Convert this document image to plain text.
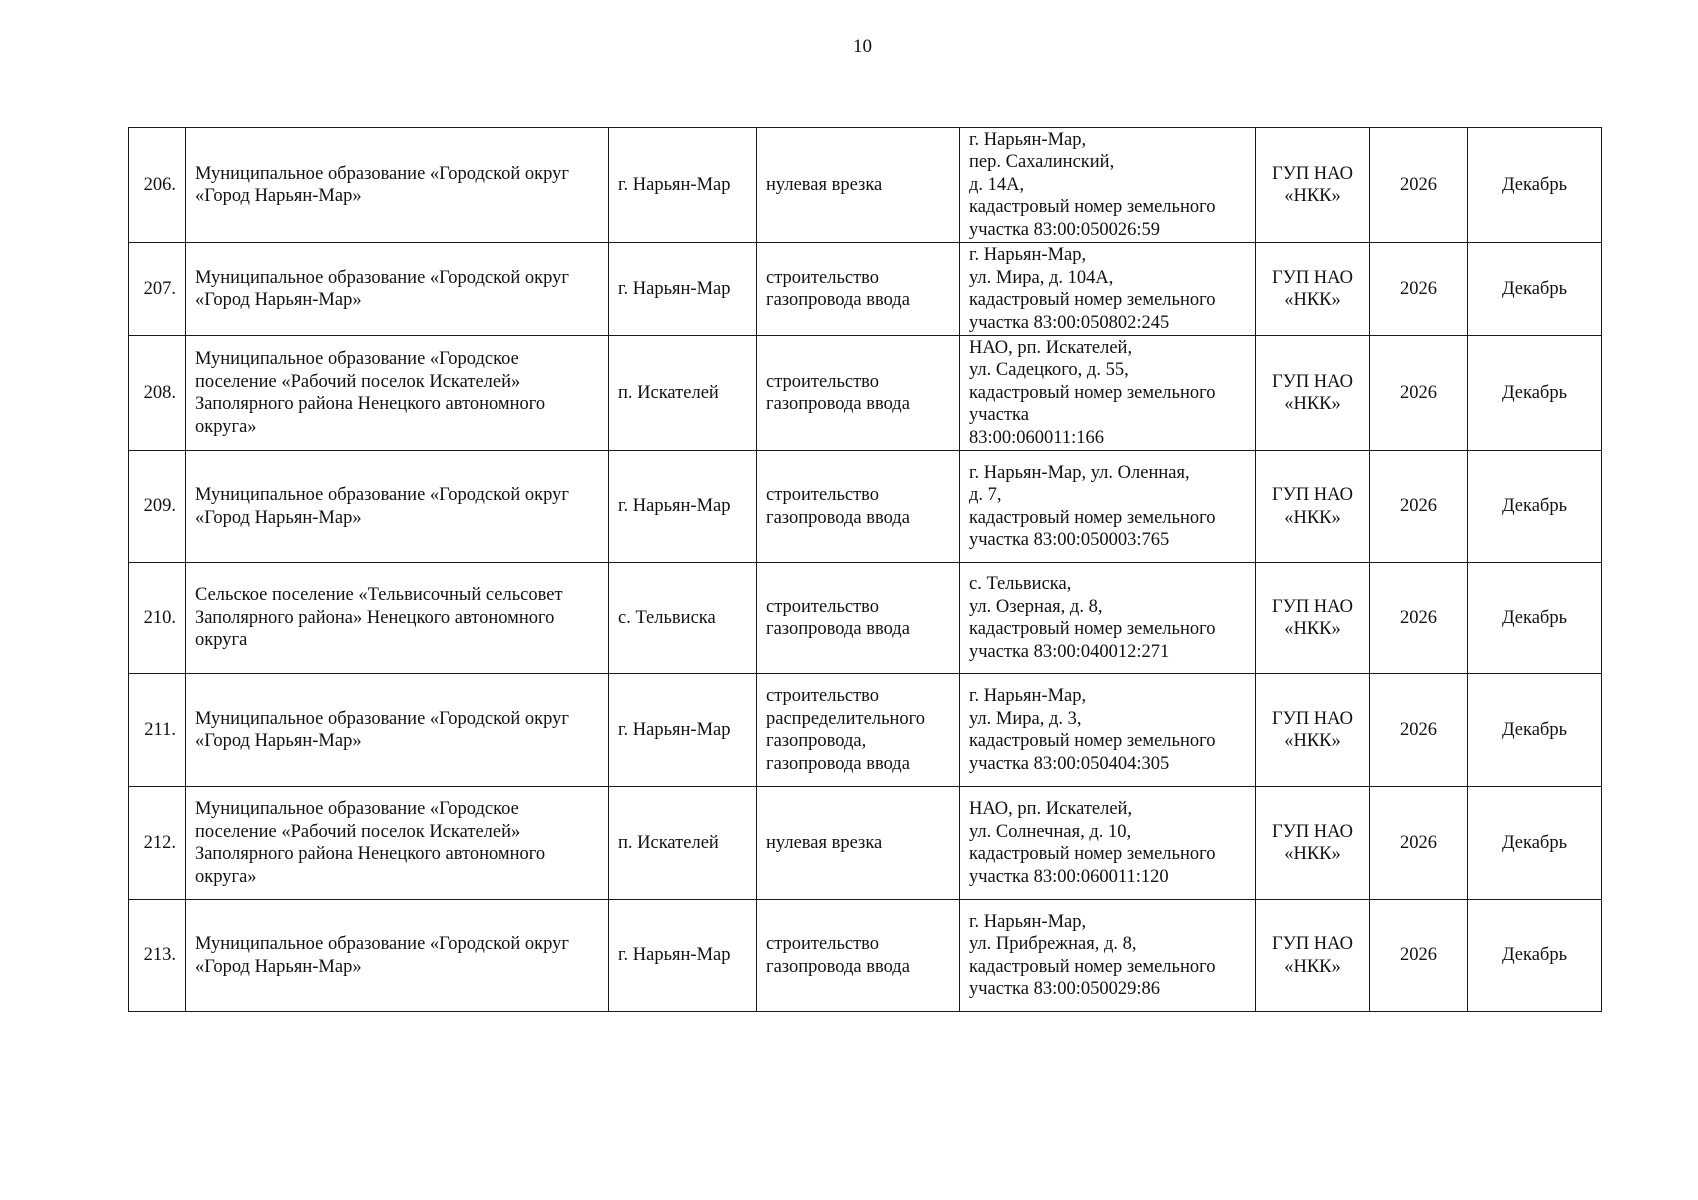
10
206.	Муниципальное образование «Городской округ «Город Нарьян-Мар»	г. Нарьян-Мар	нулевая врезка	г. Нарьян-Мар,
пер. Сахалинский,
д. 14А,
кадастровый номер земельного участка 83:00:050026:59	ГУП НАО «НКК»	2026	Декабрь
207.	Муниципальное образование «Городской округ «Город Нарьян-Мар»	г. Нарьян-Мар	строительство газопровода ввода	г. Нарьян-Мар,
ул. Мира, д. 104А,
кадастровый номер земельного участка 83:00:050802:245	ГУП НАО «НКК»	2026	Декабрь
208.	Муниципальное образование «Городское поселение «Рабочий поселок Искателей» Заполярного района Ненецкого автономного округа»	п. Искателей	строительство газопровода ввода	НАО, рп. Искателей,
ул. Садецкого, д. 55,
кадастровый номер земельного участка
83:00:060011:166	ГУП НАО «НКК»	2026	Декабрь
209.	Муниципальное образование «Городской округ «Город Нарьян-Мар»	г. Нарьян-Мар	строительство газопровода ввода	г. Нарьян-Мар, ул. Оленная,
д. 7,
кадастровый номер земельного участка 83:00:050003:765	ГУП НАО «НКК»	2026	Декабрь
210.	Сельское поселение «Тельвисочный сельсовет Заполярного района» Ненецкого автономного округа	с. Тельвиска	строительство газопровода ввода	с. Тельвиска,
ул. Озерная, д. 8,
кадастровый номер земельного участка 83:00:040012:271	ГУП НАО «НКК»	2026	Декабрь
211.	Муниципальное образование «Городской округ «Город Нарьян-Мар»	г. Нарьян-Мар	строительство распределительного газопровода, газопровода ввода	г. Нарьян-Мар,
ул. Мира, д. 3,
кадастровый номер земельного участка 83:00:050404:305	ГУП НАО «НКК»	2026	Декабрь
212.	Муниципальное образование «Городское поселение «Рабочий поселок Искателей» Заполярного района Ненецкого автономного округа»	п. Искателей	нулевая врезка	НАО, рп. Искателей,
ул. Солнечная, д. 10,
кадастровый номер земельного участка 83:00:060011:120	ГУП НАО «НКК»	2026	Декабрь
213.	Муниципальное образование «Городской округ «Город Нарьян-Мар»	г. Нарьян-Мар	строительство газопровода ввода	г. Нарьян-Мар,
ул. Прибрежная, д. 8,
кадастровый номер земельного участка 83:00:050029:86	ГУП НАО «НКК»	2026	Декабрь
